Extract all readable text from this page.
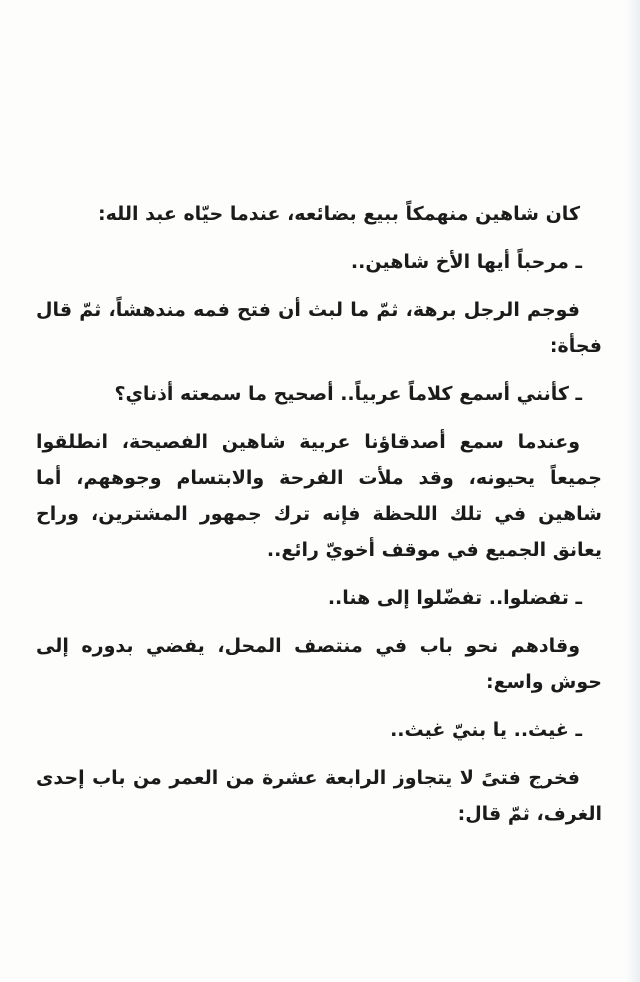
كان شاهين منهمكاً ببيع بضائعه، عندما حيّاه عبد الله:

ـ مرحباً أيها الأخ شاهين..

فوجم الرجل برهة، ثمّ ما لبث أن فتح فمه مندهشاً، ثمّ قال فجأة:

ـ كأنني أسمع كلاماً عربياً.. أصحيح ما سمعته أذناي؟

وعندما سمع أصدقاؤنا عربية شاهين الفصيحة، انطلقوا جميعاً يحيونه، وقد ملأت الفرحة والابتسام وجوههم، أما شاهين في تلك اللحظة فإنه ترك جمهور المشترين، وراح يعانق الجميع في موقف أخويّ رائع..

ـ تفضلوا.. تفضّلوا إلى هنا..

وقادهم نحو باب في منتصف المحل، يفضي بدوره إلى حوش واسع:

ـ غيث.. يا بنيّ غيث..

فخرج فتىً لا يتجاوز الرابعة عشرة من العمر من باب إحدى الغرف، ثمّ قال:
